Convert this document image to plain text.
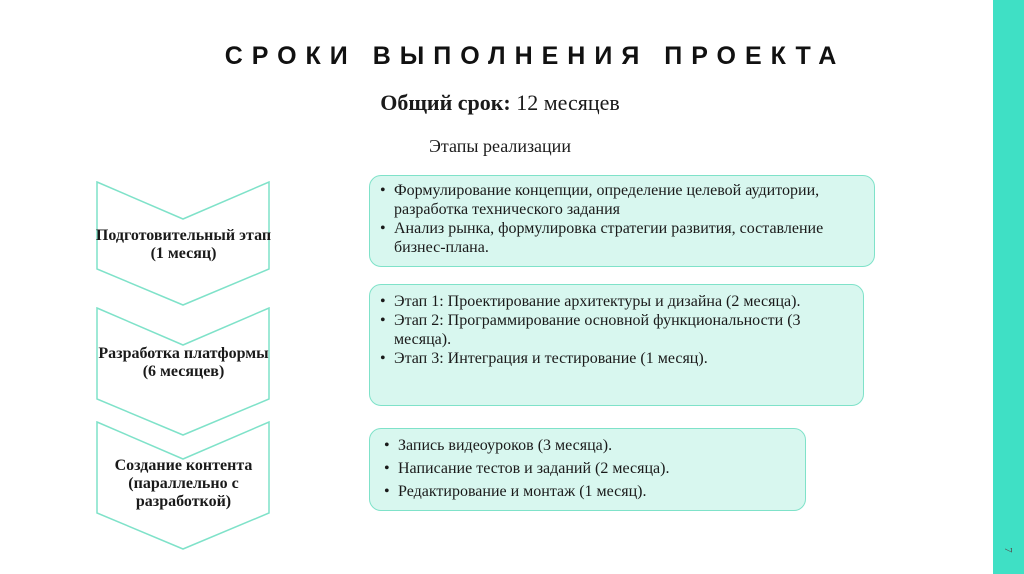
7
СРОКИ ВЫПОЛНЕНИЯ ПРОЕКТА
Общий срок: 12 месяцев
Этапы реализации
Подготовительный этап (1 месяц)
Разработка платформы (6 месяцев)
Создание контента (параллельно с разработкой)
• Формулирование концепции, определение целевой аудитории, разработка технического задания
• Анализ рынка, формулировка стратегии развития, составление бизнес-плана.
• Этап 1: Проектирование архитектуры и дизайна (2 месяца).
• Этап 2: Программирование основной функциональности (3 месяца).
• Этап 3: Интеграция и тестирование (1 месяц).
• Запись видеоуроков (3 месяца).
• Написание тестов и заданий (2 месяца).
• Редактирование и монтаж (1 месяц).
